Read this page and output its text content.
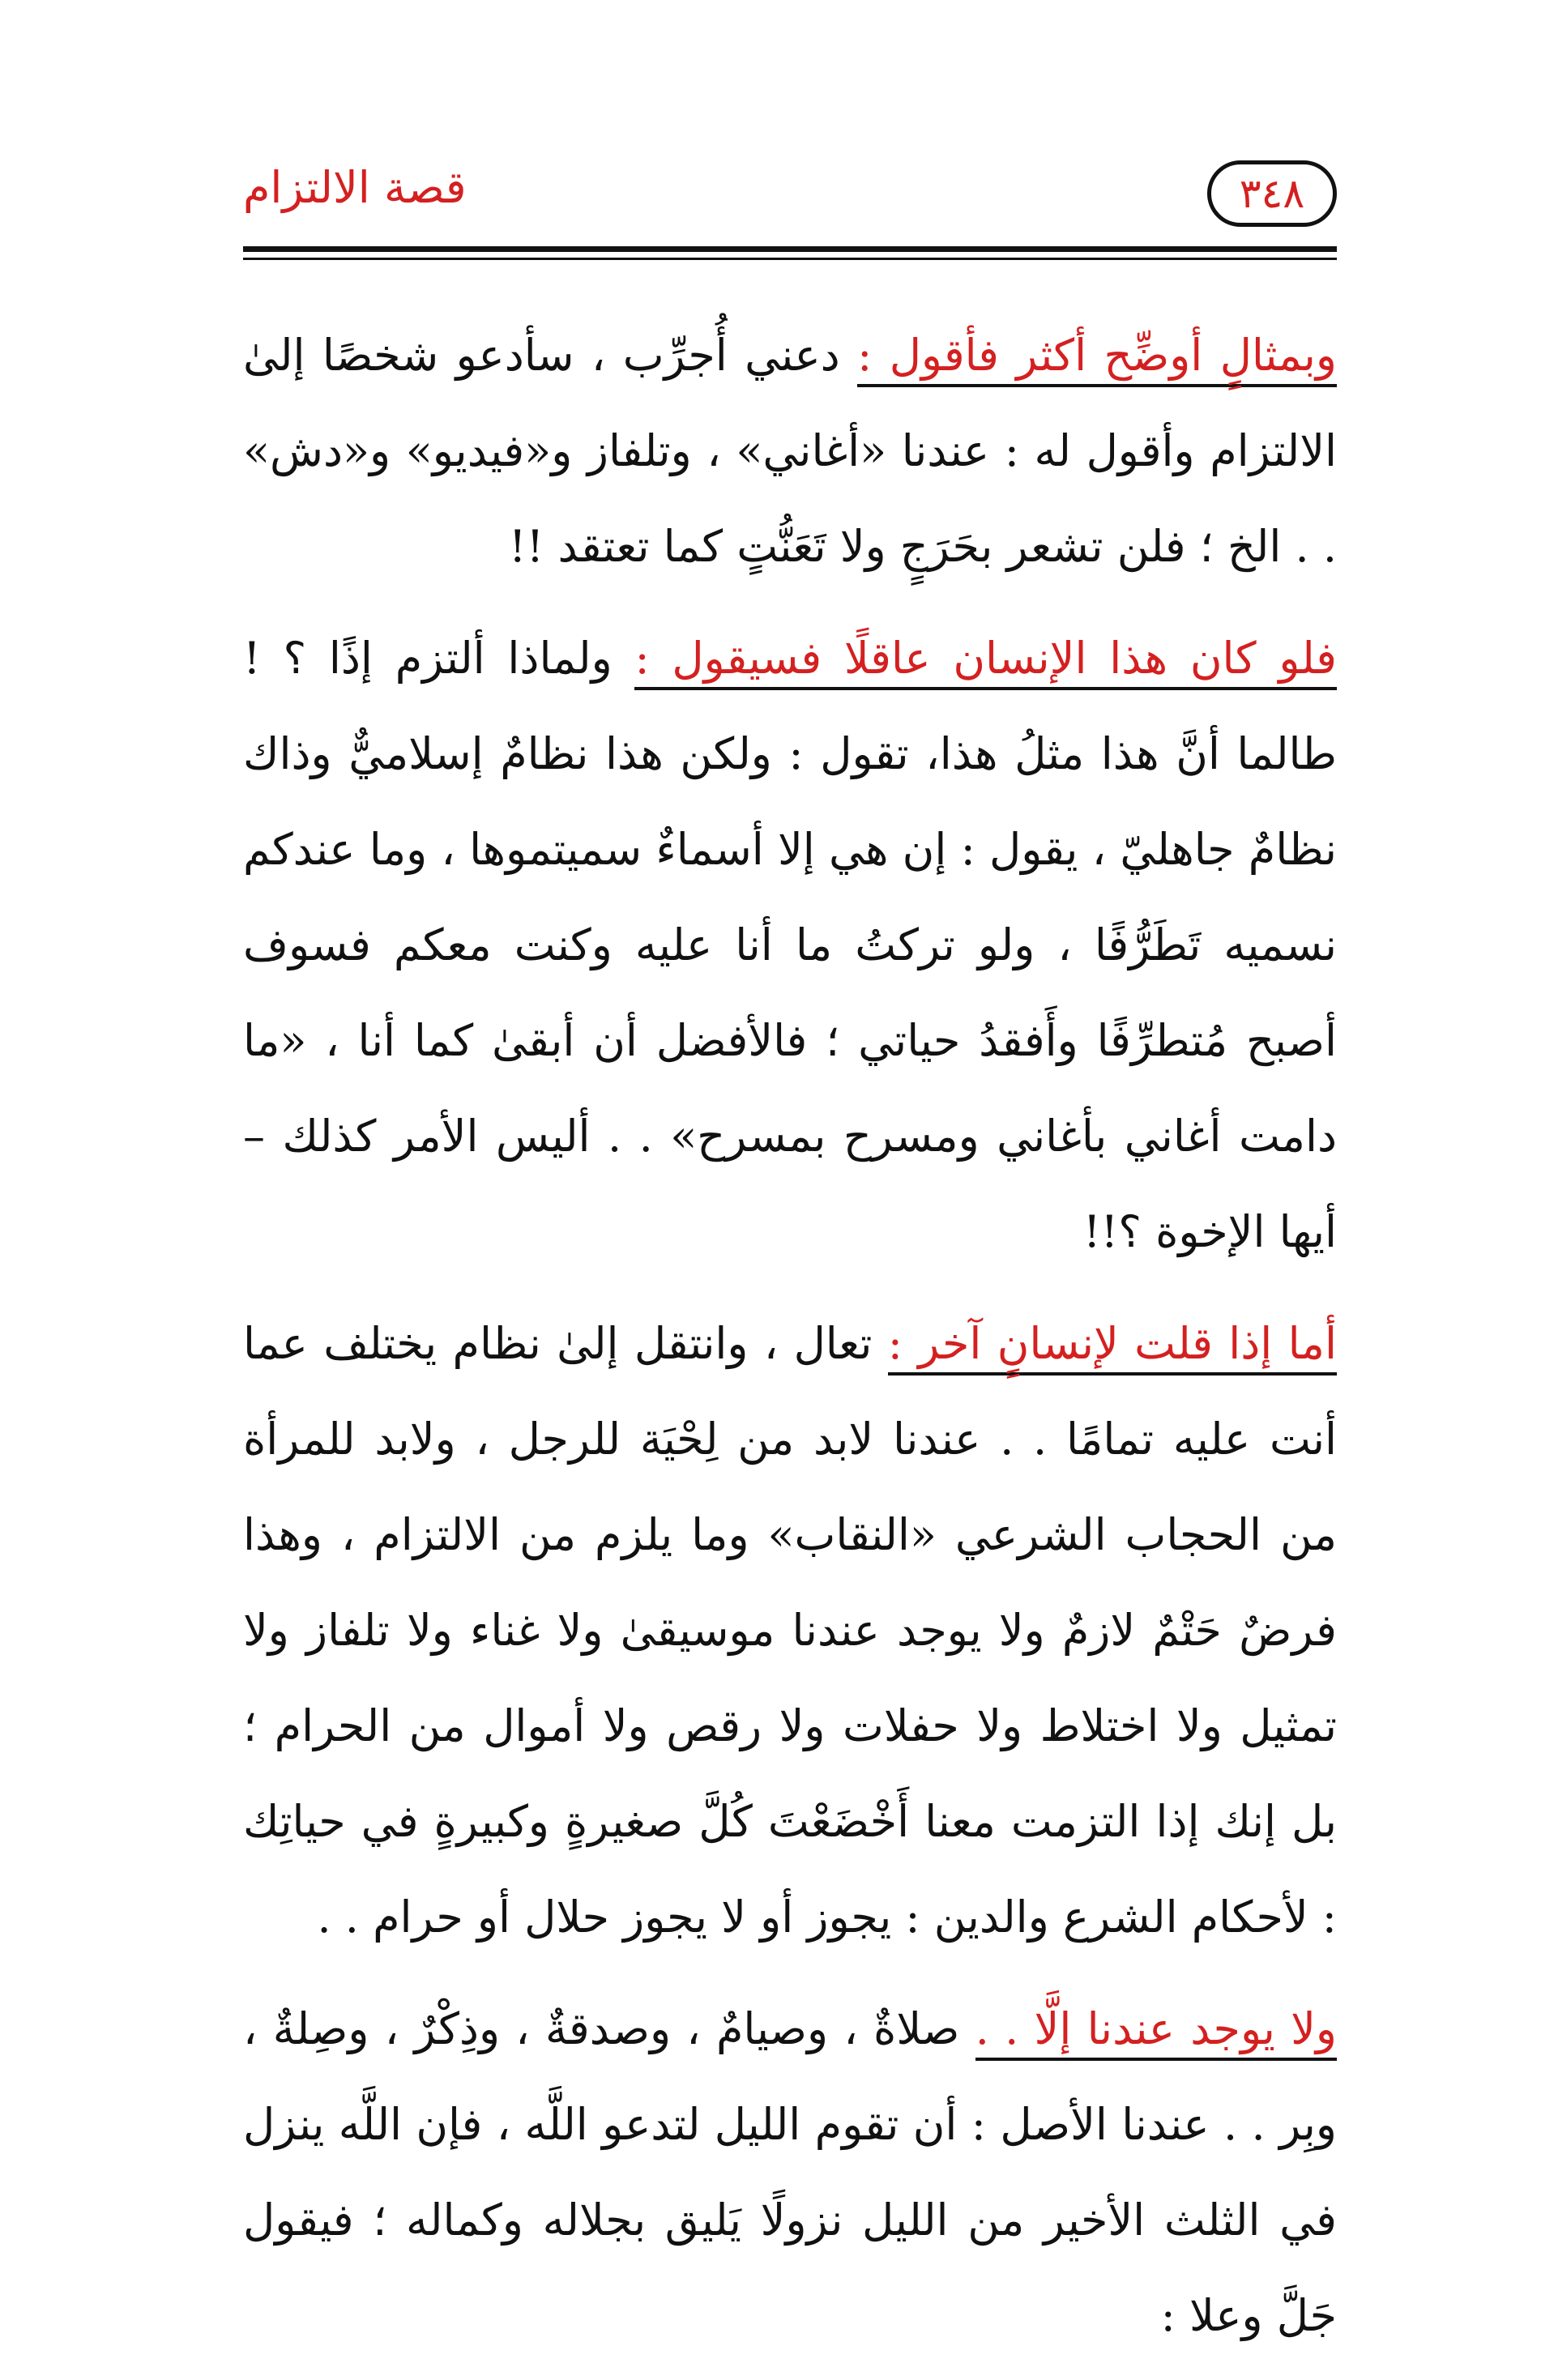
قصة الالتزام	٣٤٨

وبمثالٍ أوضِّح أكثر فأقول : دعني أُجرِّب ، سأدعو شخصًا إلىٰ الالتزام وأقول له : عندنا «أغاني» ، وتلفاز و«فيديو» و«دش» . . الخ ؛ فلن تشعر بحَرَجٍ ولا تَعَنُّتٍ كما تعتقد !!

فلو كان هذا الإنسان عاقلًا فسيقول : ولماذا ألتزم إذًا ؟ ! طالما أنَّ هذا مثلُ هذا، تقول : ولكن هذا نظامٌ إسلاميٌّ وذاك نظامٌ جاهليّ ، يقول : إن هي إلا أسماءٌ سميتموها ، وما عندكم نسميه تَطَرُّفًا ، ولو تركتُ ما أنا عليه وكنت معكم فسوف أصبح مُتطرِّفًا وأَفقدُ حياتي ؛ فالأفضل أن أبقىٰ كما أنا ، «ما دامت أغاني بأغاني ومسرح بمسرح» . . أليس الأمر كذلك – أيها الإخوة ؟!!

أما إذا قلت لإنسانٍ آخر : تعال ، وانتقل إلىٰ نظام يختلف عما أنت عليه تمامًا . . عندنا لابد من لِحْيَة للرجل ، ولابد للمرأة من الحجاب الشرعي «النقاب» وما يلزم من الالتزام ، وهذا فرضٌ حَتْمٌ لازمٌ ولا يوجد عندنا موسيقىٰ ولا غناء ولا تلفاز ولا تمثيل ولا اختلاط ولا حفلات ولا رقص ولا أموال من الحرام ؛ بل إنك إذا التزمت معنا أَخْضَعْتَ كُلَّ صغيرةٍ وكبيرةٍ في حياتِك : لأحكام الشرع والدين : يجوز أو لا يجوز حلال أو حرام . .

ولا يوجد عندنا إلَّا . . صلاةٌ ، وصيامٌ ، وصدقةٌ ، وذِكْرٌ ، وصِلةٌ ، وبِر . . عندنا الأصل : أن تقوم الليل لتدعو اللَّه ، فإن اللَّه ينزل في الثلث الأخير من الليل نزولًا يَليق بجلاله وكماله ؛ فيقول جَلَّ وعلا :
